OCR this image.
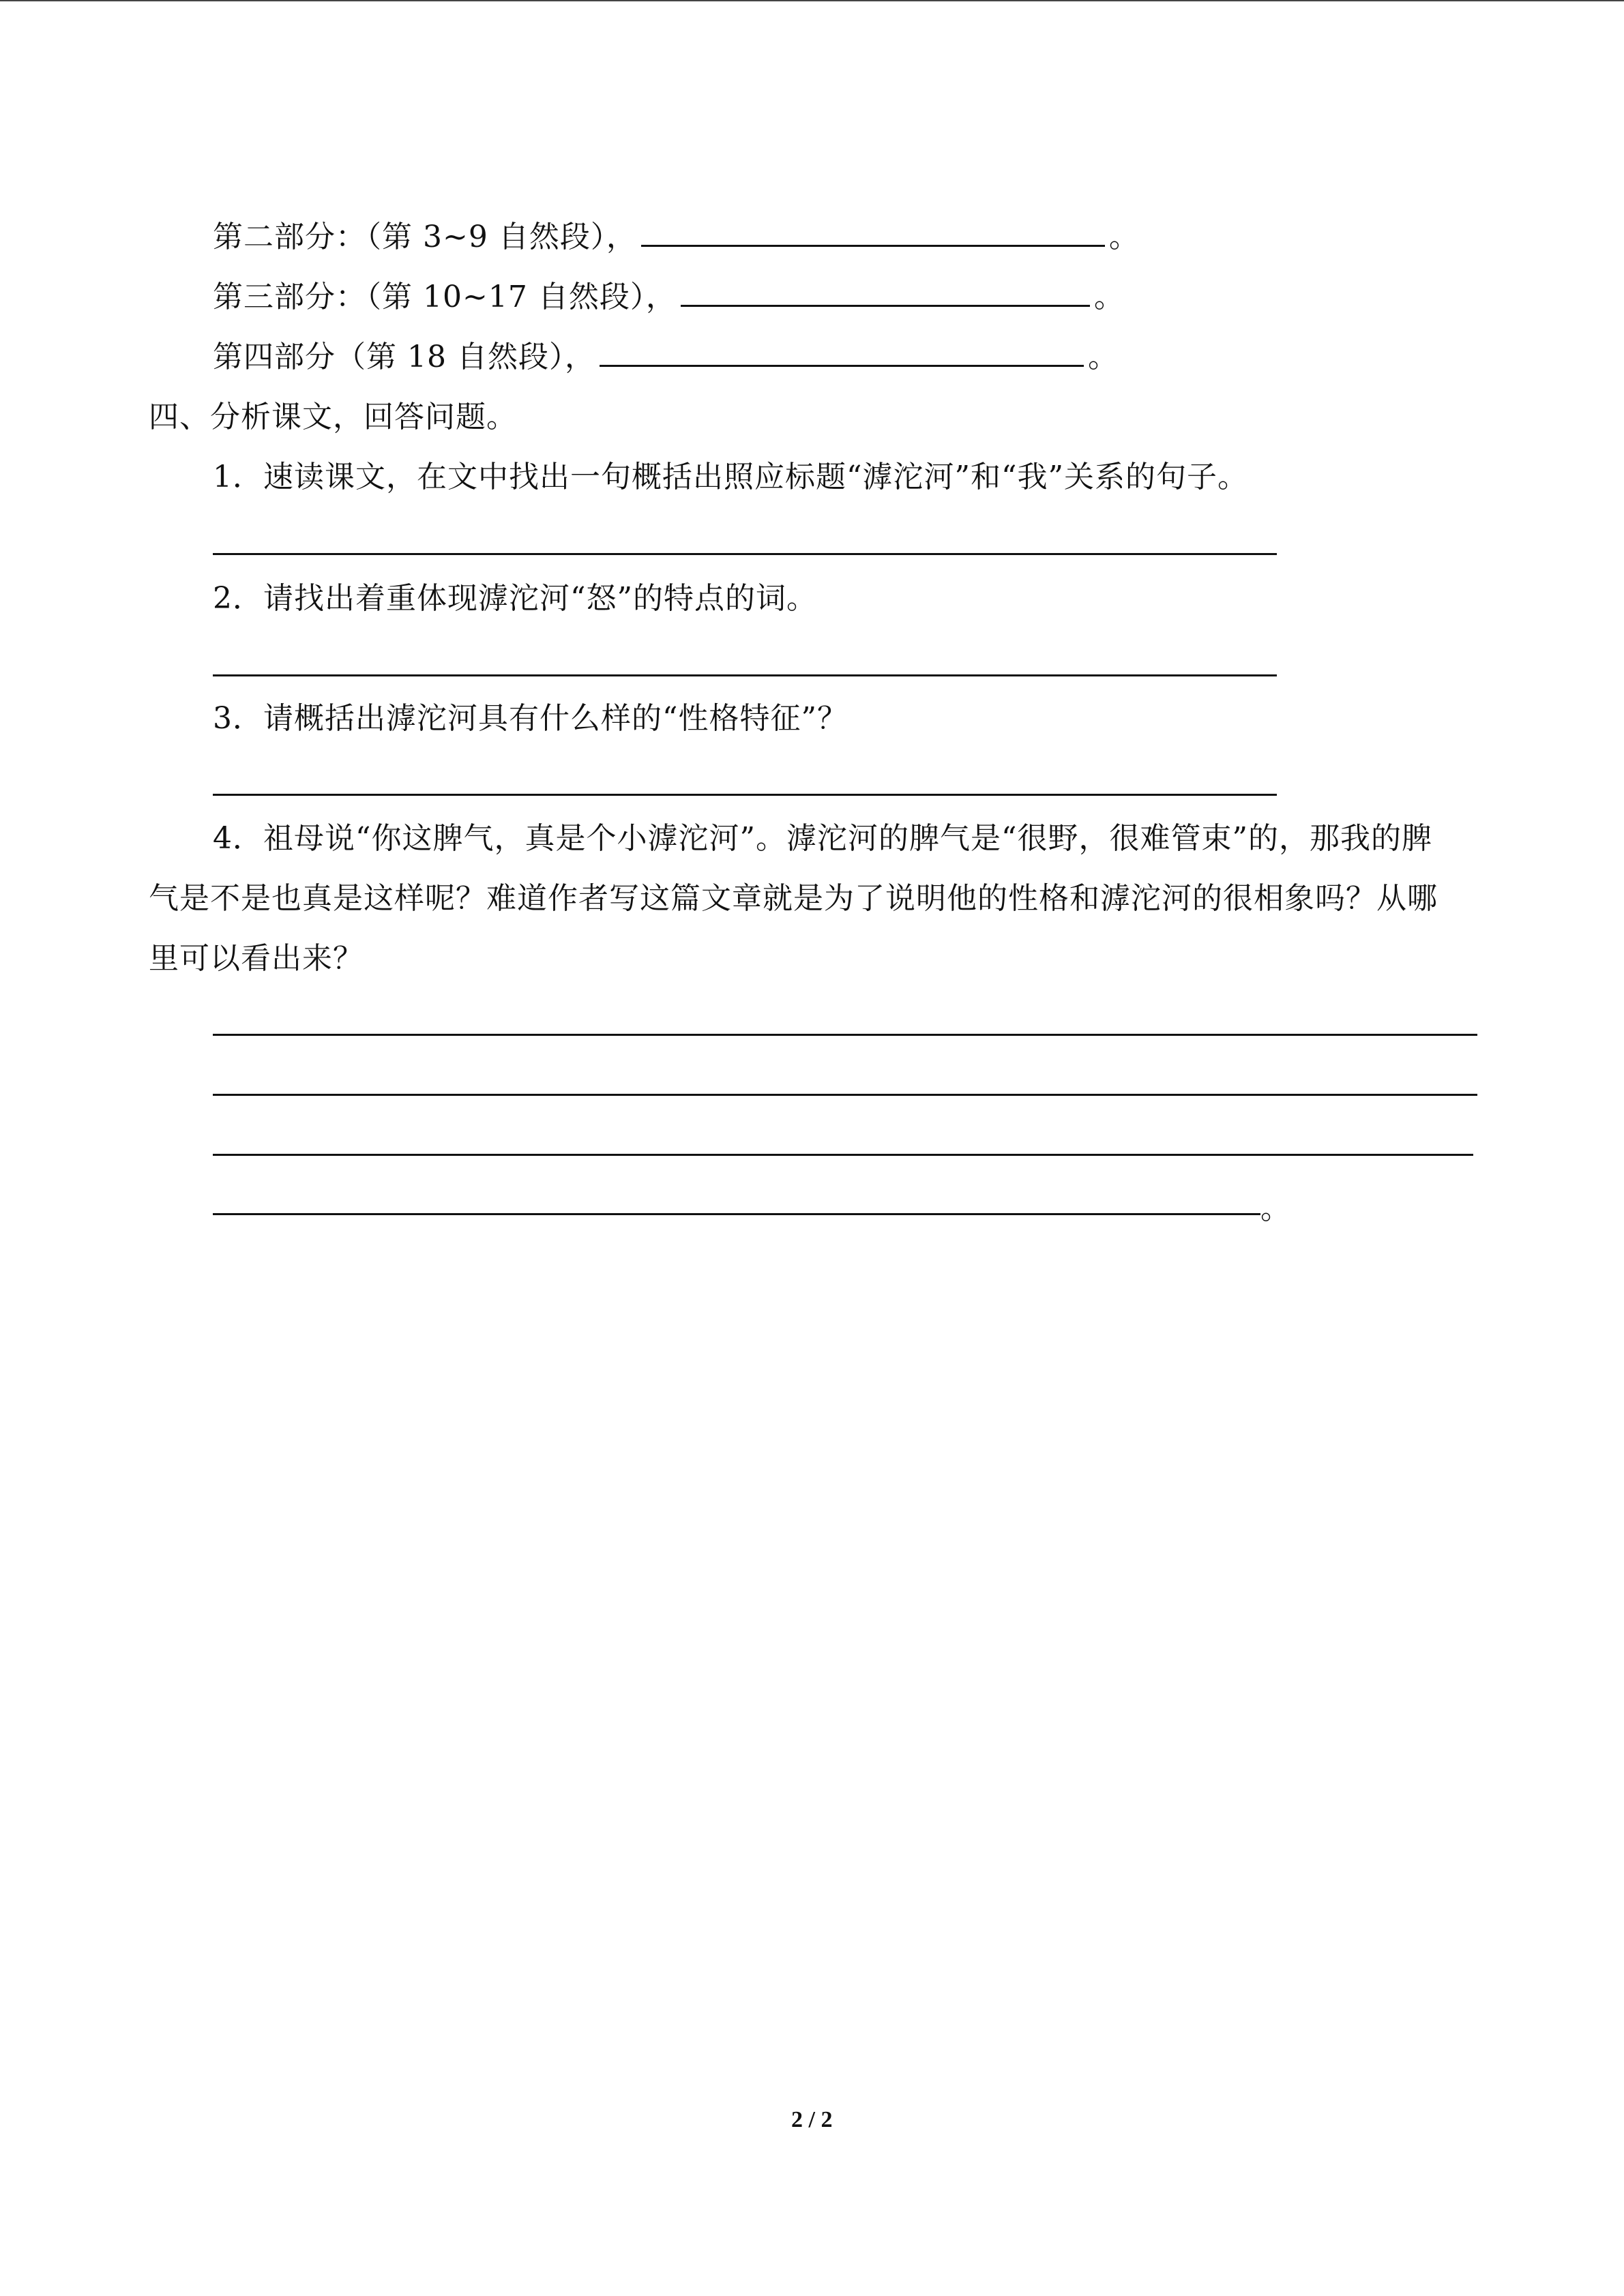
第二部分：（第 3~9 自然段），	。
第三部分：（第 10~17 自然段），	。
第四部分（第 18 自然段），	。
四、分析课文，回答问题。
1．速读课文，在文中找出一句概括出照应标题“滹沱河”和“我”关系的句子。
2．请找出着重体现滹沱河“怒”的特点的词。
3．请概括出滹沱河具有什么样的“性格特征”？
4．祖母说“你这脾气，真是个小滹沱河”。滹沱河的脾气是“很野，很难管束”的，那我的脾气是不是也真是这样呢？难道作者写这篇文章就是为了说明他的性格和滹沱河的很相象吗？从哪里可以看出来？
。
2 / 2
